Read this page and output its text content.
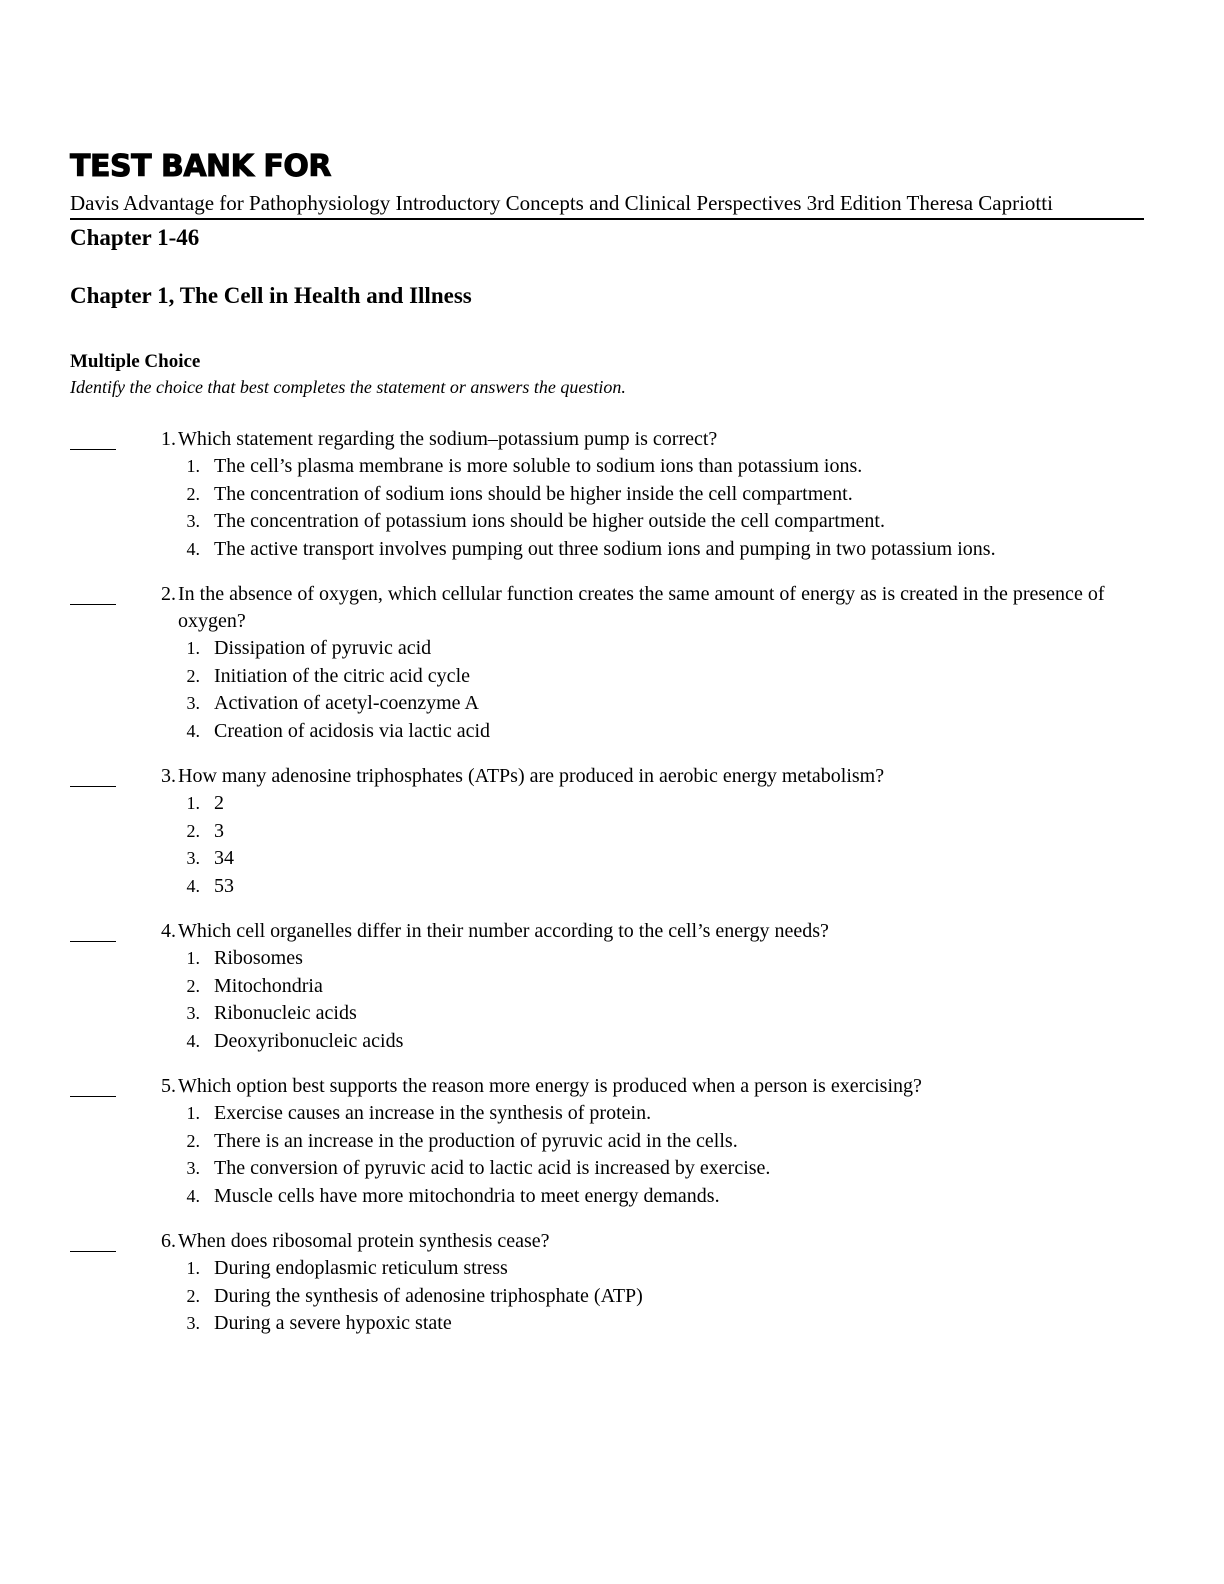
TEST BANK FOR
Davis Advantage for Pathophysiology Introductory Concepts and Clinical Perspectives 3rd Edition Theresa Capriotti
Chapter 1-46
Chapter 1, The Cell in Health and Illness
Multiple Choice
Identify the choice that best completes the statement or answers the question.
1. Which statement regarding the sodium–potassium pump is correct?
1. The cell’s plasma membrane is more soluble to sodium ions than potassium ions.
2. The concentration of sodium ions should be higher inside the cell compartment.
3. The concentration of potassium ions should be higher outside the cell compartment.
4. The active transport involves pumping out three sodium ions and pumping in two potassium ions.
2. In the absence of oxygen, which cellular function creates the same amount of energy as is created in the presence of oxygen?
1. Dissipation of pyruvic acid
2. Initiation of the citric acid cycle
3. Activation of acetyl-coenzyme A
4. Creation of acidosis via lactic acid
3. How many adenosine triphosphates (ATPs) are produced in aerobic energy metabolism?
1. 2
2. 3
3. 34
4. 53
4. Which cell organelles differ in their number according to the cell’s energy needs?
1. Ribosomes
2. Mitochondria
3. Ribonucleic acids
4. Deoxyribonucleic acids
5. Which option best supports the reason more energy is produced when a person is exercising?
1. Exercise causes an increase in the synthesis of protein.
2. There is an increase in the production of pyruvic acid in the cells.
3. The conversion of pyruvic acid to lactic acid is increased by exercise.
4. Muscle cells have more mitochondria to meet energy demands.
6. When does ribosomal protein synthesis cease?
1. During endoplasmic reticulum stress
2. During the synthesis of adenosine triphosphate (ATP)
3. During a severe hypoxic state
